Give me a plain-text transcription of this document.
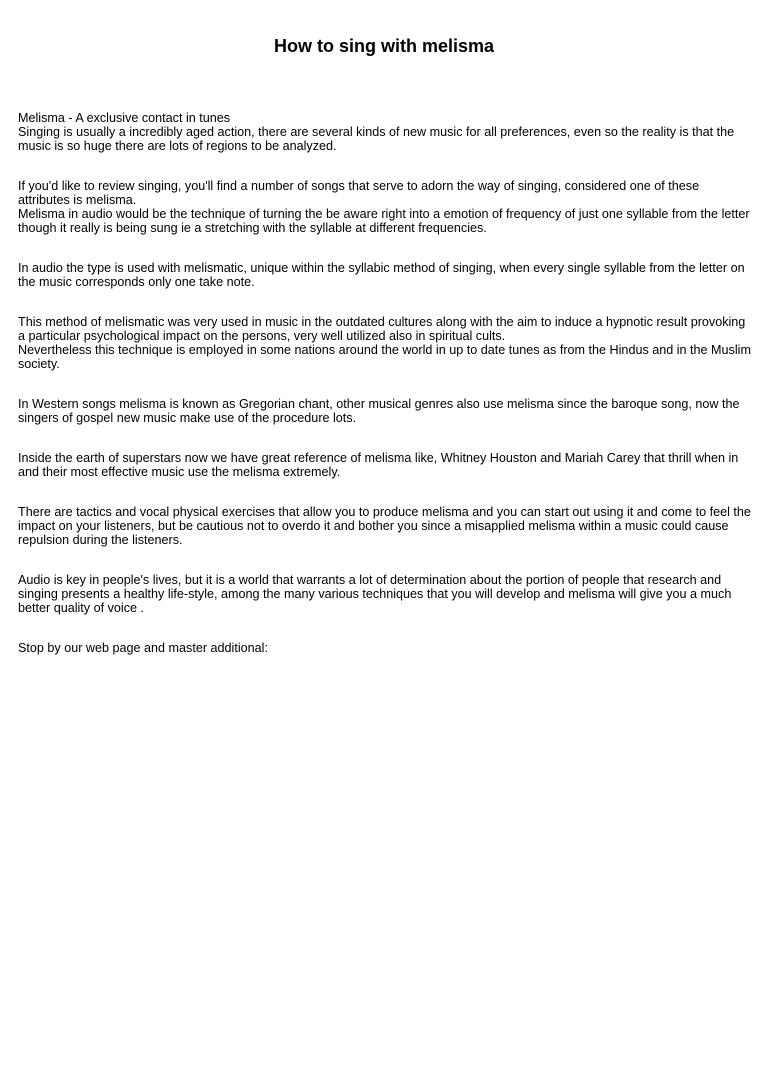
How to sing with melisma

Melisma - A exclusive contact in tunes
Singing is usually a incredibly aged action, there are several kinds of new music for all preferences, even so the reality is that the music is so huge there are lots of regions to be analyzed.

If you'd like to review singing, you'll find a number of songs that serve to adorn the way of singing, considered one of these attributes is melisma.
Melisma in audio would be the technique of turning the be aware right into a emotion of frequency of just one syllable from the letter though it really is being sung ie a stretching with the syllable at different frequencies.

In audio the type is used with melismatic, unique within the syllabic method of singing, when every single syllable from the letter on the music corresponds only one take note.

This method of melismatic was very used in music in the outdated cultures along with the aim to induce a hypnotic result provoking a particular psychological impact on the persons, very well utilized also in spiritual cults.
Nevertheless this technique is employed in some nations around the world in up to date tunes as from the Hindus and in the Muslim society.

In Western songs melisma is known as Gregorian chant, other musical genres also use melisma since the baroque song, now the singers of gospel new music make use of the procedure lots.

Inside the earth of superstars now we have great reference of melisma like, Whitney Houston and Mariah Carey that thrill when in and their most effective music use the melisma extremely.

There are tactics and vocal physical exercises that allow you to produce melisma and you can start out using it and come to feel the impact on your listeners, but be cautious not to overdo it and bother you since a misapplied melisma within a music could cause repulsion during the listeners.

Audio is key in people's lives, but it is a world that warrants a lot of determination about the portion of people that research and singing presents a healthy life-style, among the many various techniques that you will develop and melisma will give you a much better quality of voice .

Stop by our web page and master additional:
